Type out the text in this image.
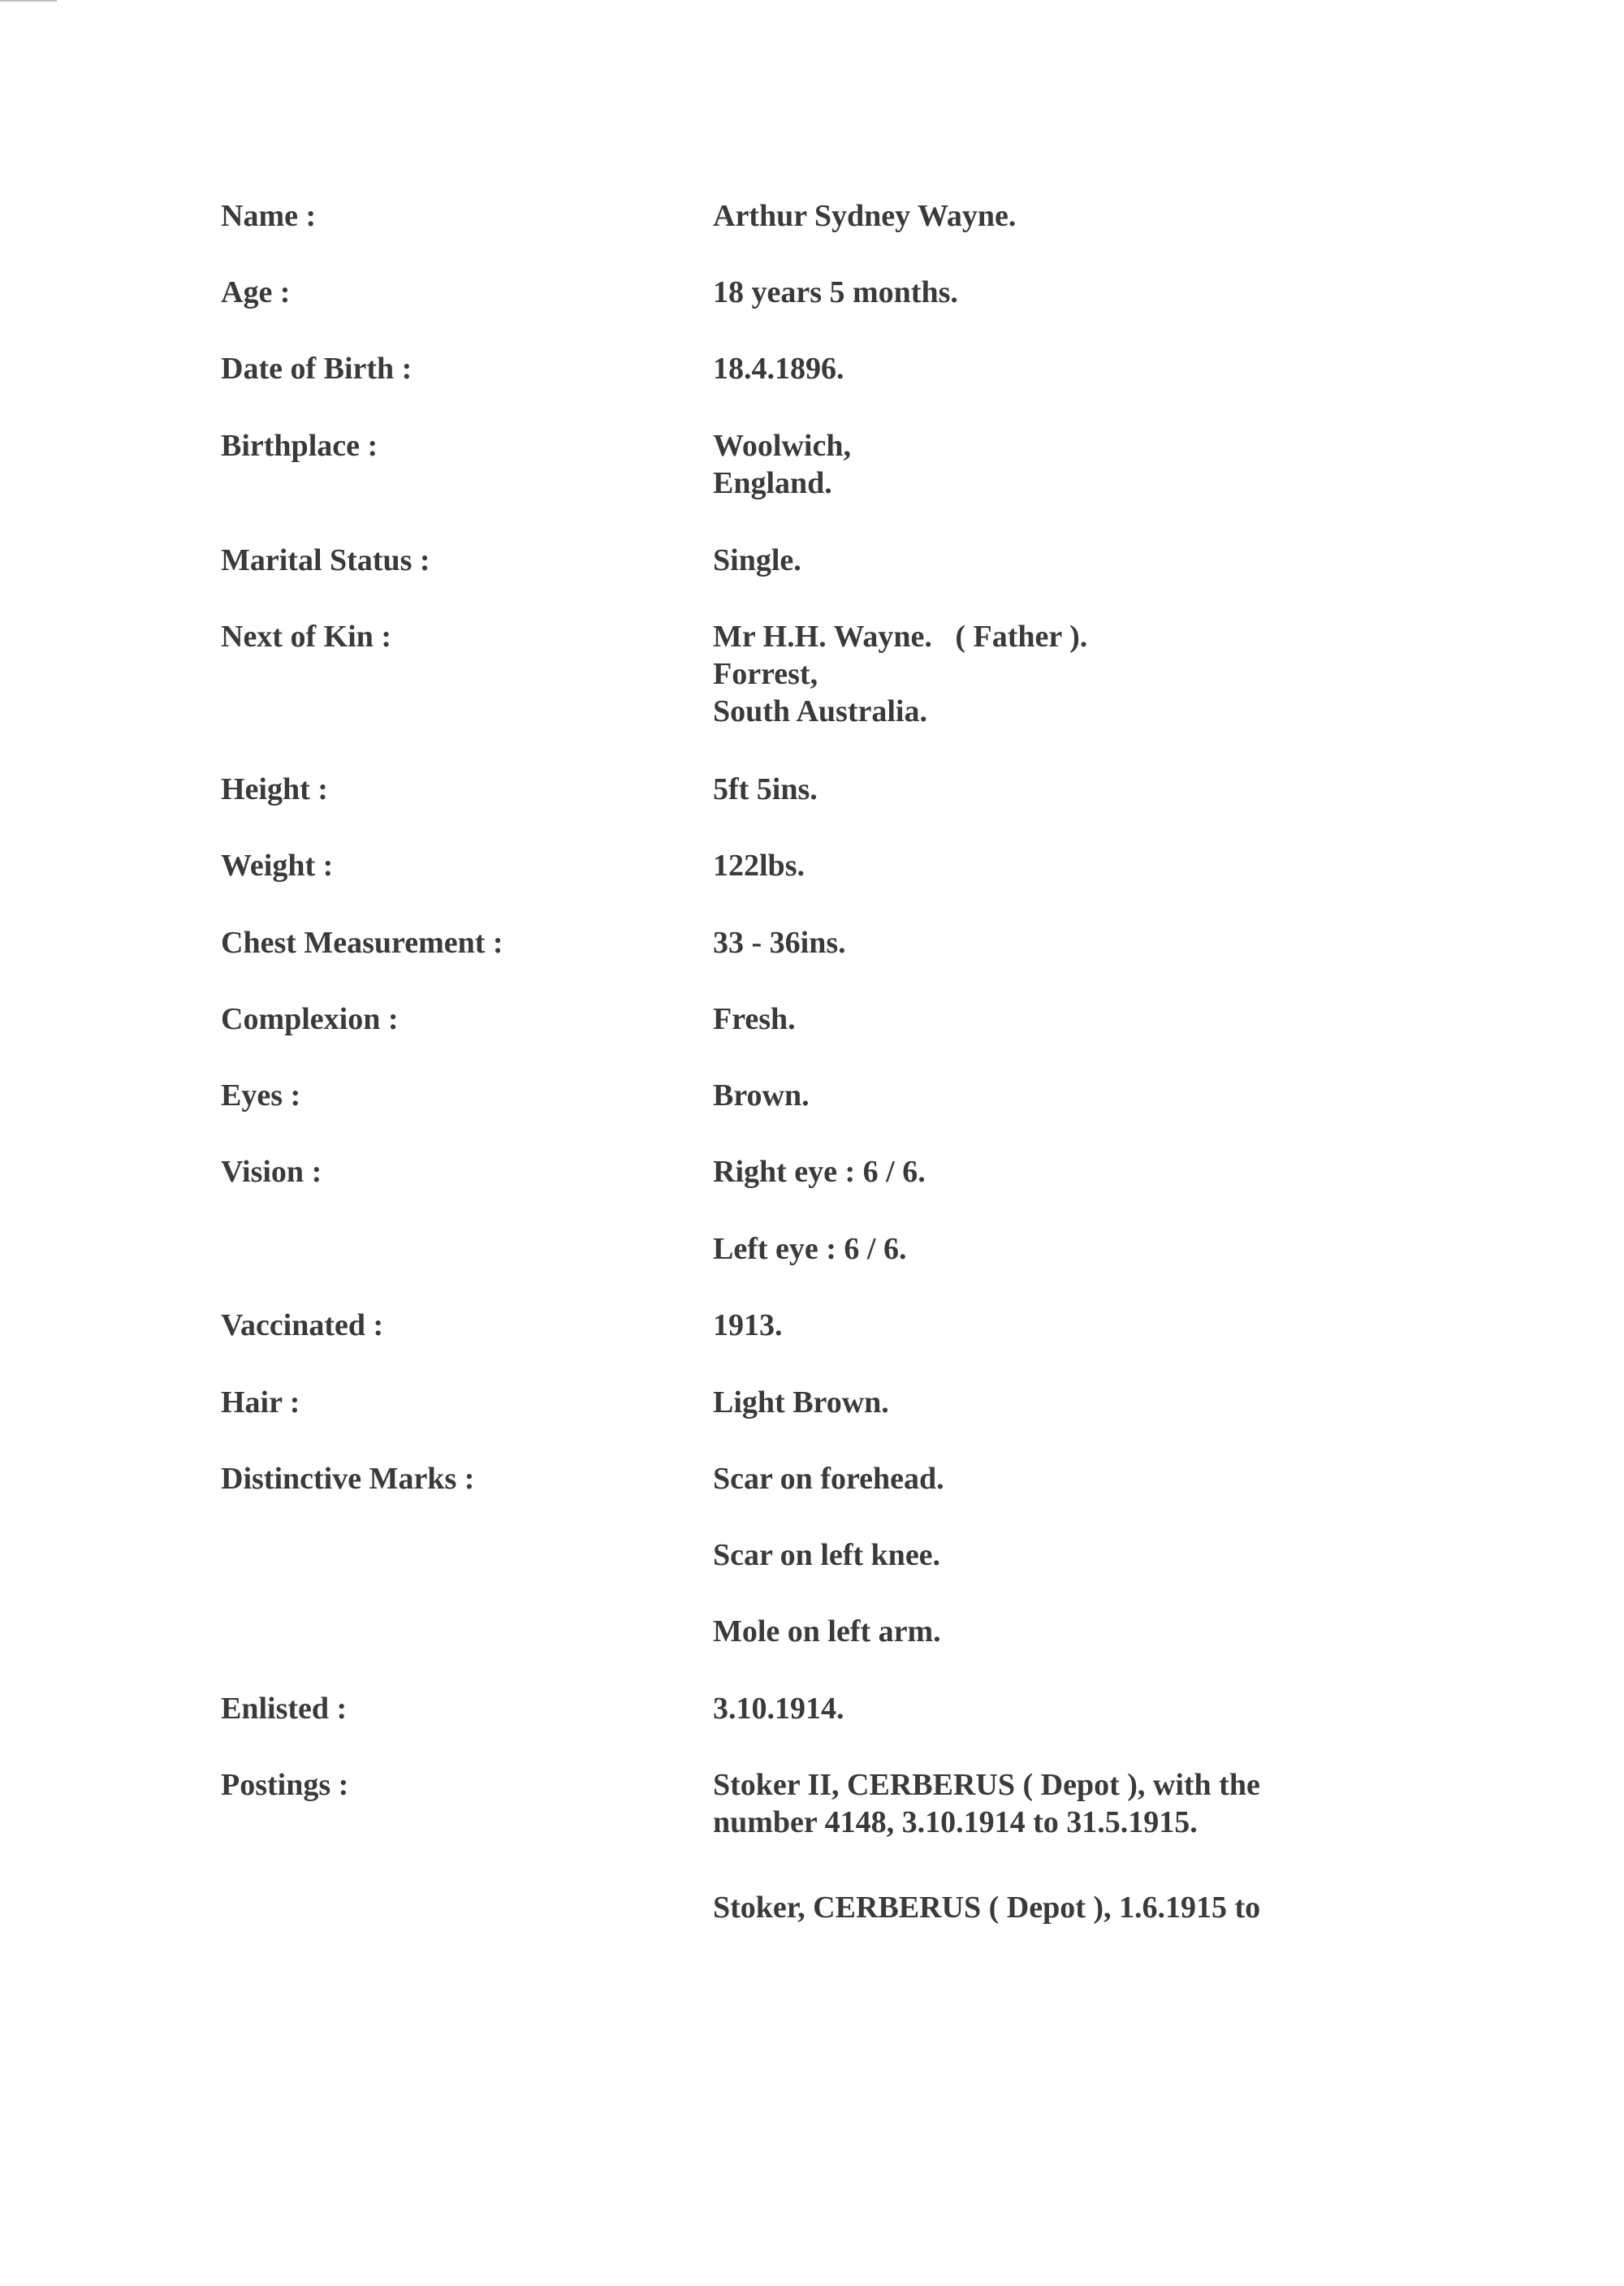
Name :	Arthur Sydney Wayne.
Age :	18 years 5 months.
Date of Birth :	18.4.1896.
Birthplace :	Woolwich,
England.
Marital Status :	Single.
Next of Kin :	Mr H.H. Wayne.   ( Father ).
Forrest,
South Australia.
Height :	5ft 5ins.
Weight :	122lbs.
Chest Measurement :	33 - 36ins.
Complexion :	Fresh.
Eyes :	Brown.
Vision :	Right eye : 6 / 6.
Left eye : 6 / 6.
Vaccinated :	1913.
Hair :	Light Brown.
Distinctive Marks :	Scar on forehead.
Scar on left knee.
Mole on left arm.
Enlisted :	3.10.1914.
Postings :	Stoker II, CERBERUS ( Depot ), with the
number 4148, 3.10.1914 to 31.5.1915.
Stoker, CERBERUS ( Depot ), 1.6.1915 to
